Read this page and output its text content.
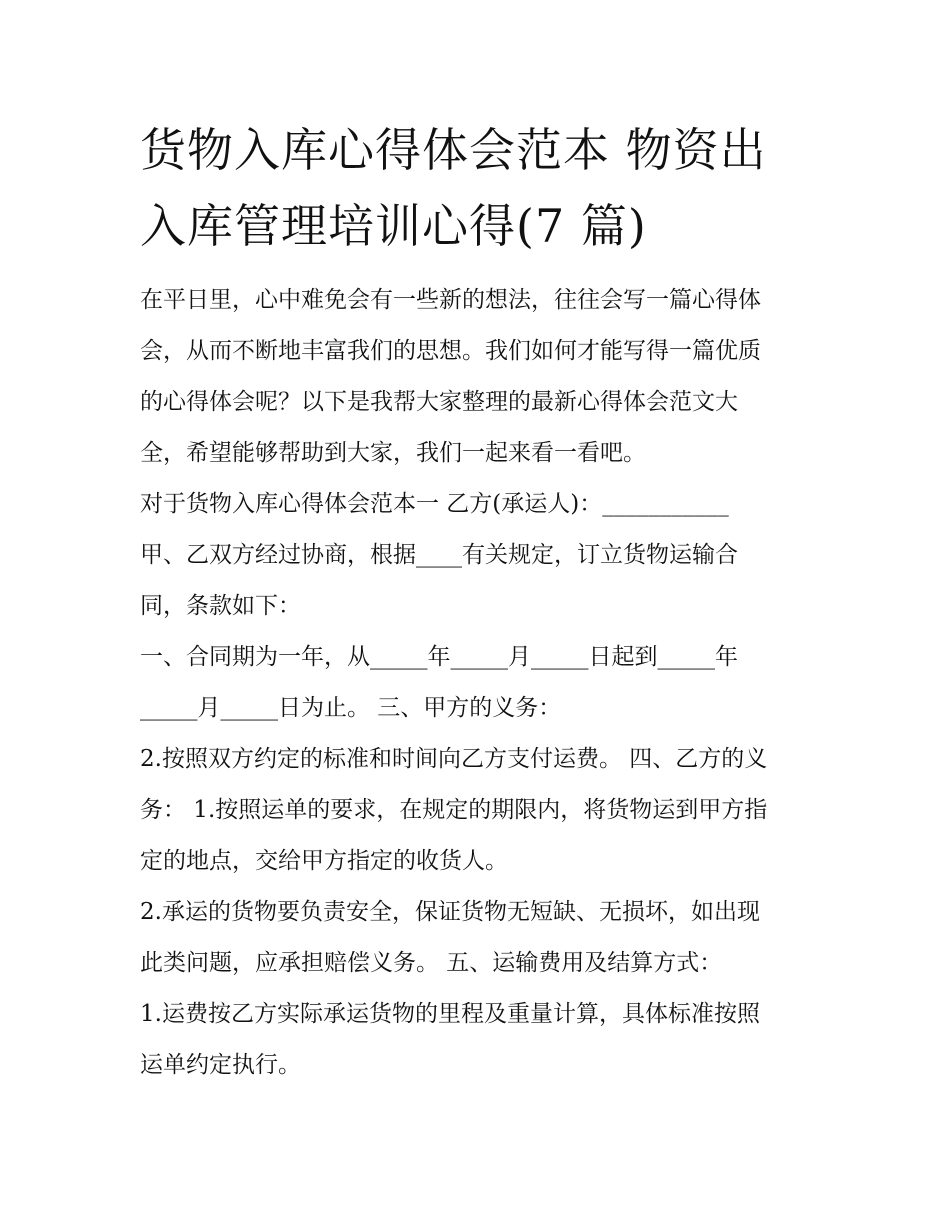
货物入库心得体会范本 物资出
入库管理培训心得(7 篇)
在平日里，心中难免会有一些新的想法，往往会写一篇心得体
会，从而不断地丰富我们的思想。我们如何才能写得一篇优质
的心得体会呢？以下是我帮大家整理的最新心得体会范文大
全，希望能够帮助到大家，我们一起来看一看吧。
对于货物入库心得体会范本一 乙方(承运人)：___________
甲、乙双方经过协商，根据____有关规定，订立货物运输合
同，条款如下：
一、合同期为一年，从_____年_____月_____日起到_____年
_____月_____日为止。 三、甲方的义务：
2.按照双方约定的标准和时间向乙方支付运费。 四、乙方的义
务： 1.按照运单的要求，在规定的期限内，将货物运到甲方指
定的地点，交给甲方指定的收货人。
2.承运的货物要负责安全，保证货物无短缺、无损坏，如出现
此类问题，应承担赔偿义务。 五、运输费用及结算方式：
1.运费按乙方实际承运货物的里程及重量计算，具体标准按照
运单约定执行。
